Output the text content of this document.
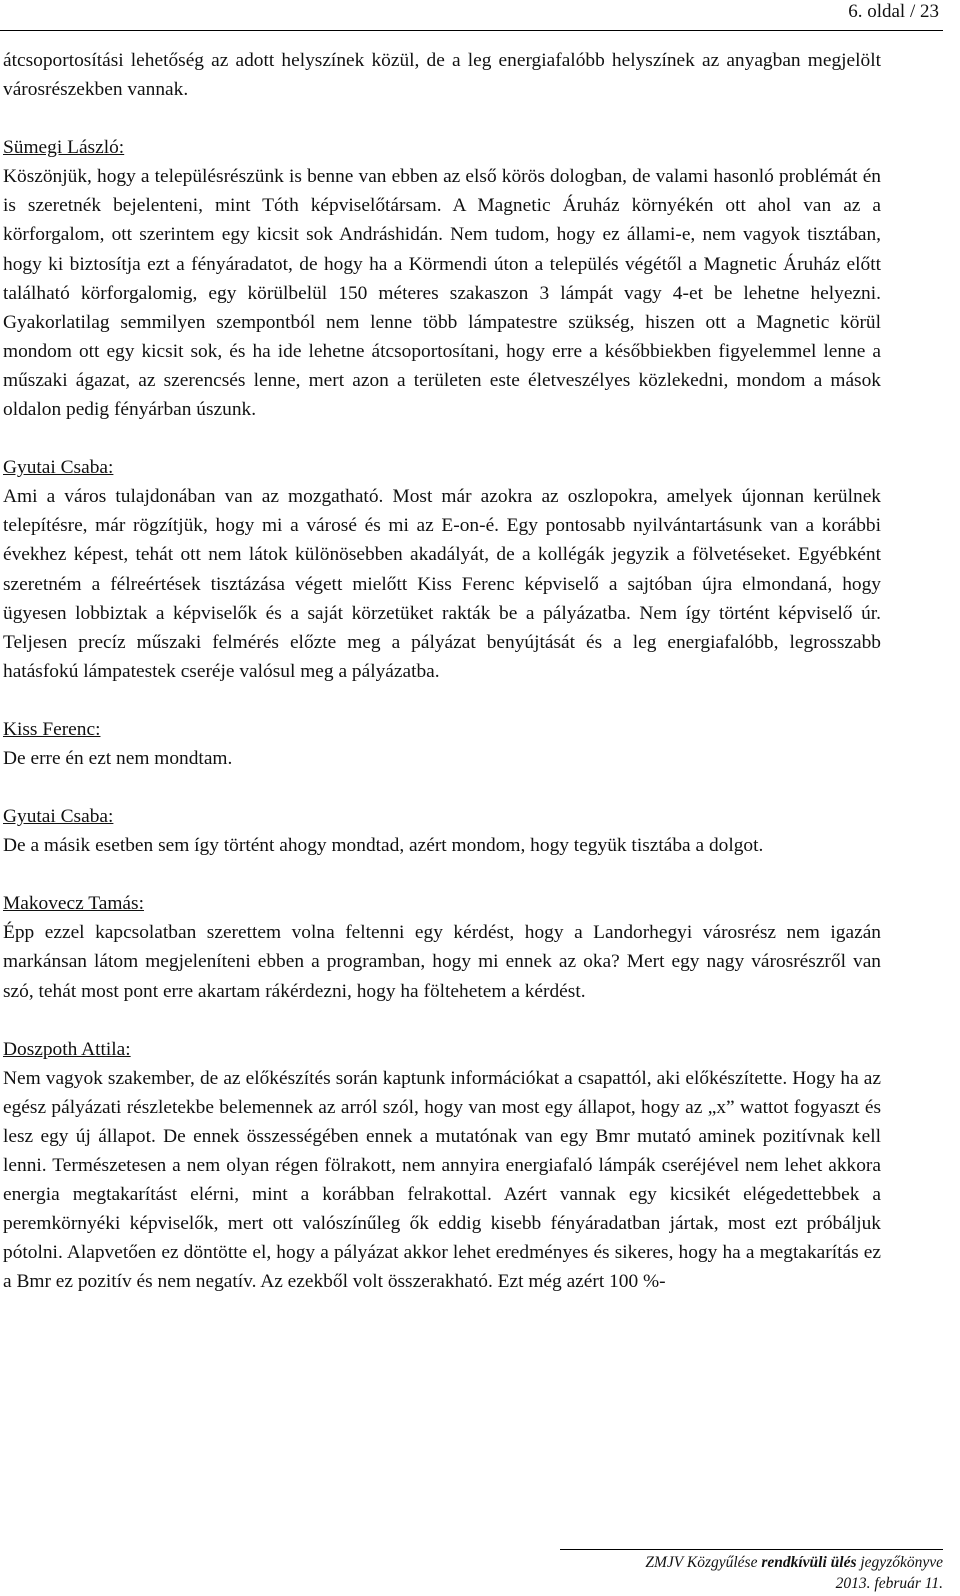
6. oldal / 23

átcsoportosítási lehetőség az adott helyszínek közül, de a leg energiafalóbb helyszínek az anyagban megjelölt városrészekben vannak.

Sümegi László:

Köszönjük, hogy a településrészünk is benne van ebben az első körös dologban, de valami hasonló problémát én is szeretnék bejelenteni, mint Tóth képviselőtársam. A Magnetic Áruház környékén ott ahol van az a körforgalom, ott szerintem egy kicsit sok Andráshidán. Nem tudom, hogy ez állami-e, nem vagyok tisztában, hogy ki biztosítja ezt a fényáradatot, de hogy ha a Körmendi úton a település végétől a Magnetic Áruház előtt található körforgalomig, egy körülbelül 150 méteres szakaszon 3 lámpát vagy 4-et be lehetne helyezni. Gyakorlatilag semmilyen szempontból nem lenne több lámpatestre szükség, hiszen ott a Magnetic körül mondom ott egy kicsit sok, és ha ide lehetne átcsoportosítani, hogy erre a későbbiekben figyelemmel lenne a műszaki ágazat, az szerencsés lenne, mert azon a területen este életveszélyes közlekedni, mondom a mások oldalon pedig fényárban úszunk.

Gyutai Csaba:

Ami a város tulajdonában van az mozgatható. Most már azokra az oszlopokra, amelyek újonnan kerülnek telepítésre, már rögzítjük, hogy mi a városé és mi az E-on-é. Egy pontosabb nyilvántartásunk van a korábbi évekhez képest, tehát ott nem látok különösebben akadályát, de a kollégák jegyzik a fölvetéseket. Egyébként szeretném a félreértések tisztázása végett mielőtt Kiss Ferenc képviselő a sajtóban újra elmondaná, hogy ügyesen lobbiztak a képviselők és a saját körzetüket rakták be a pályázatba. Nem így történt képviselő úr. Teljesen precíz műszaki felmérés előzte meg a pályázat benyújtását és a leg energiafalóbb, legrosszabb hatásfokú lámpatestek cseréje valósul meg a pályázatba.

Kiss Ferenc:

De erre én ezt nem mondtam.

Gyutai Csaba:

De a másik esetben sem így történt ahogy mondtad, azért mondom, hogy tegyük tisztába a dolgot.

Makovecz Tamás:

Épp ezzel kapcsolatban szerettem volna feltenni egy kérdést, hogy a Landorhegyi városrész nem igazán markánsan látom megjeleníteni ebben a programban, hogy mi ennek az oka? Mert egy nagy városrészről van szó, tehát most pont erre akartam rákérdezni, hogy ha föltehetem a kérdést.

Doszpoth Attila:

Nem vagyok szakember, de az előkészítés során kaptunk információkat a csapattól, aki előkészítette. Hogy ha az egész pályázati részletekbe belemennek az arról szól, hogy van most egy állapot, hogy az „x” wattot fogyaszt és lesz egy új állapot. De ennek összességében ennek a mutatónak van egy Bmr mutató aminek pozitívnak kell lenni. Természetesen a nem olyan régen fölrakott, nem annyira energiafaló lámpák cseréjével nem lehet akkora energia megtakarítást elérni, mint a korábban felrakottal. Azért vannak egy kicsikét elégedettebbek a peremkörnyéki képviselők, mert ott valószínűleg ők eddig kisebb fényáradatban jártak, most ezt próbáljuk pótolni. Alapvetően ez döntötte el, hogy a pályázat akkor lehet eredményes és sikeres, hogy ha a megtakarítás ez a Bmr ez pozitív és nem negatív. Az ezekből volt összerakható. Ezt még azért 100 %-

ZMJV Közgyűlése rendkívüli ülés jegyzőkönyve
2013. február 11.
